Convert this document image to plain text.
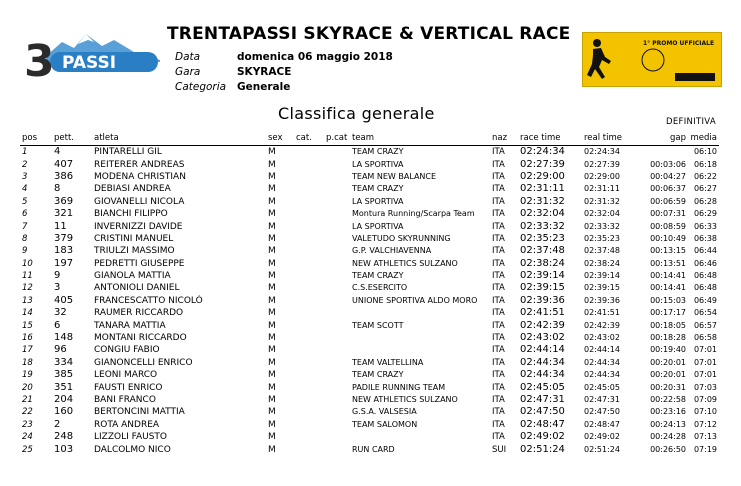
3 PASSI
TRENTAPASSI SKYRACE & VERTICAL RACE
Data	domenica 06 maggio 2018
Gara	SKYRACE
Categoria	Generale
1° PROMO UFFICIALE
Classifica generale	DEFINITIVA
pos	pett.	atleta	sex	cat.	p.cat	team	naz	race time	real time	gap	media
1	4	PINTARELLI GIL	M			TEAM CRAZY	ITA	02:24:34	02:24:34		06:10
2	407	REITERER ANDREAS	M			LA SPORTIVA	ITA	02:27:39	02:27:39	00:03:06	06:18
3	386	MODENA CHRISTIAN	M			TEAM NEW BALANCE	ITA	02:29:00	02:29:00	00:04:27	06:22
4	8	DEBIASI ANDREA	M			TEAM CRAZY	ITA	02:31:11	02:31:11	00:06:37	06:27
5	369	GIOVANELLI NICOLA	M			LA SPORTIVA	ITA	02:31:32	02:31:32	00:06:59	06:28
6	321	BIANCHI FILIPPO	M			Montura Running/Scarpa Team	ITA	02:32:04	02:32:04	00:07:31	06:29
7	11	INVERNIZZI DAVIDE	M			LA SPORTIVA	ITA	02:33:32	02:33:32	00:08:59	06:33
8	379	CRISTINI MANUEL	M			VALETUDO SKYRUNNING	ITA	02:35:23	02:35:23	00:10:49	06:38
9	183	TRIULZI MASSIMO	M			G.P. VALCHIAVENNA	ITA	02:37:48	02:37:48	00:13:15	06:44
10	197	PEDRETTI GIUSEPPE	M			NEW ATHLETICS SULZANO	ITA	02:38:24	02:38:24	00:13:51	06:46
11	9	GIANOLA MATTIA	M			TEAM CRAZY	ITA	02:39:14	02:39:14	00:14:41	06:48
12	3	ANTONIOLI DANIEL	M			C.S.ESERCITO	ITA	02:39:15	02:39:15	00:14:41	06:48
13	405	FRANCESCATTO NICOLÒ	M			UNIONE SPORTIVA ALDO MORO	ITA	02:39:36	02:39:36	00:15:03	06:49
14	32	RAUMER RICCARDO	M				ITA	02:41:51	02:41:51	00:17:17	06:54
15	6	TANARA MATTIA	M			TEAM SCOTT	ITA	02:42:39	02:42:39	00:18:05	06:57
16	148	MONTANI RICCARDO	M				ITA	02:43:02	02:43:02	00:18:28	06:58
17	96	CONGIU FABIO	M				ITA	02:44:14	02:44:14	00:19:40	07:01
18	334	GIANONCELLI ENRICO	M			TEAM VALTELLINA	ITA	02:44:34	02:44:34	00:20:01	07:01
19	385	LEONI MARCO	M			TEAM CRAZY	ITA	02:44:34	02:44:34	00:20:01	07:01
20	351	FAUSTI ENRICO	M			PADILE RUNNING TEAM	ITA	02:45:05	02:45:05	00:20:31	07:03
21	204	BANI FRANCO	M			NEW ATHLETICS SULZANO	ITA	02:47:31	02:47:31	00:22:58	07:09
22	160	BERTONCINI MATTIA	M			G.S.A. VALSESIA	ITA	02:47:50	02:47:50	00:23:16	07:10
23	2	ROTA ANDREA	M			TEAM SALOMON	ITA	02:48:47	02:48:47	00:24:13	07:12
24	248	LIZZOLI FAUSTO	M				ITA	02:49:02	02:49:02	00:24:28	07:13
25	103	DALCOLMO NICO	M			RUN CARD	SUI	02:51:24	02:51:24	00:26:50	07:19
